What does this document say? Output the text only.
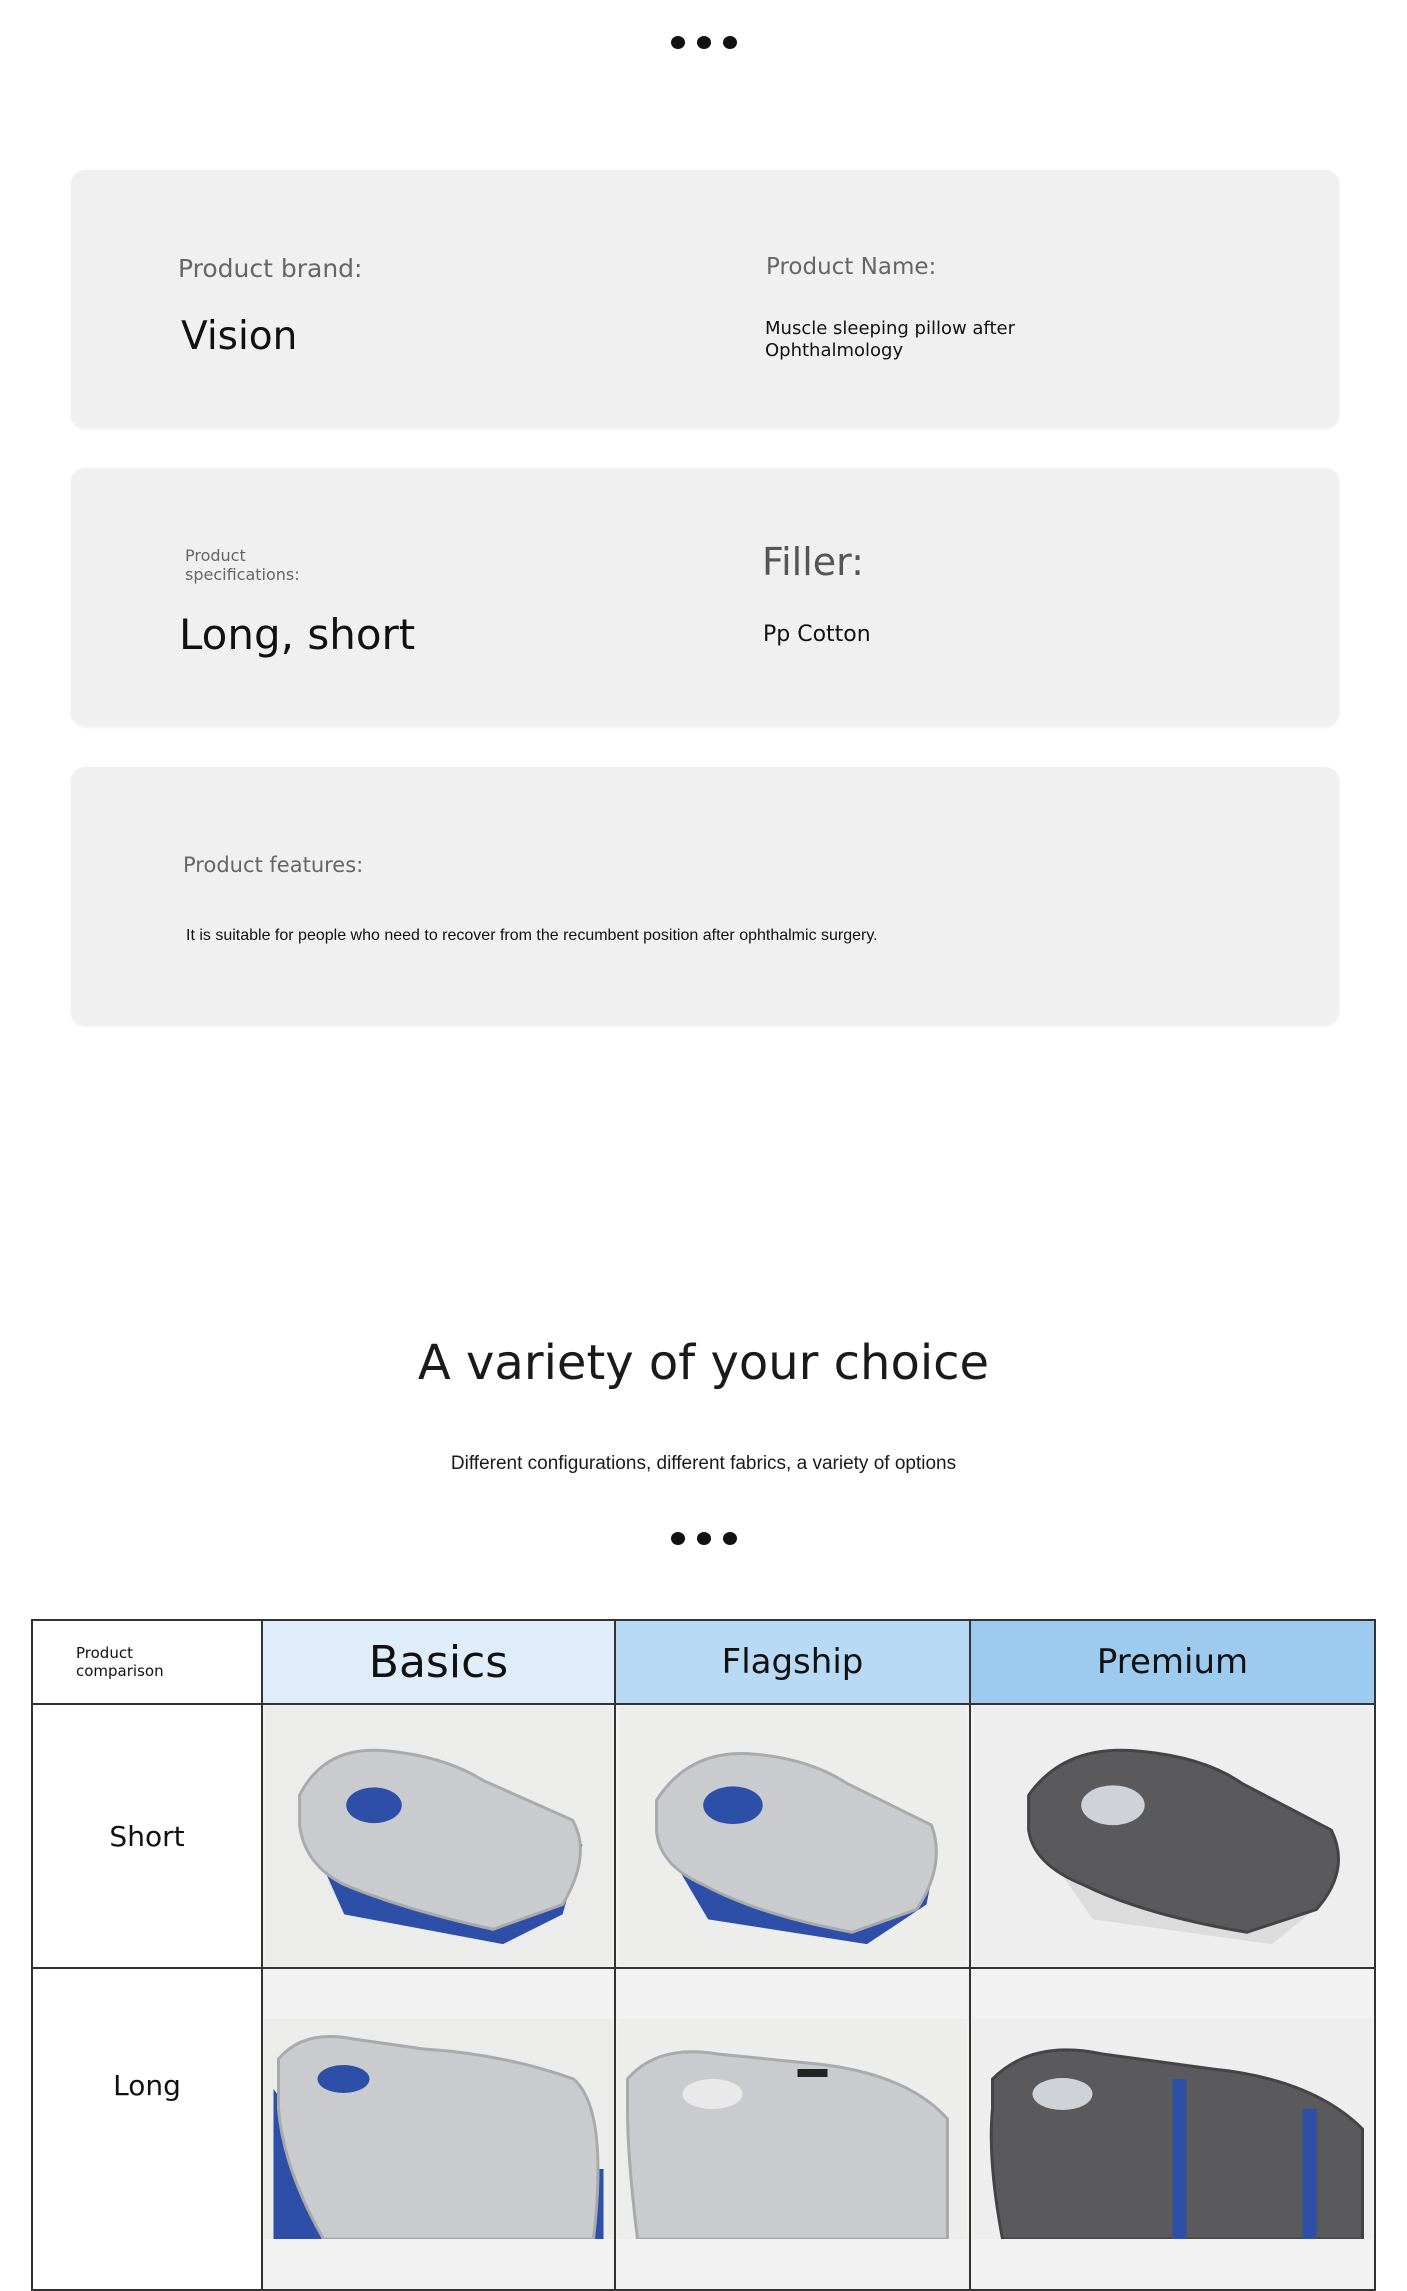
Product brand:
Vision
Product Name:
Muscle sleeping pillow after
Ophthalmology
Product
specifications:
Long, short
Filler:
Pp Cotton
Product features:
It is suitable for people who need to recover from the recumbent position after ophthalmic surgery.
A variety of your choice
Different configurations, different fabrics, a variety of options
Product
comparison	Basics	Flagship	Premium
Short	

Long	
